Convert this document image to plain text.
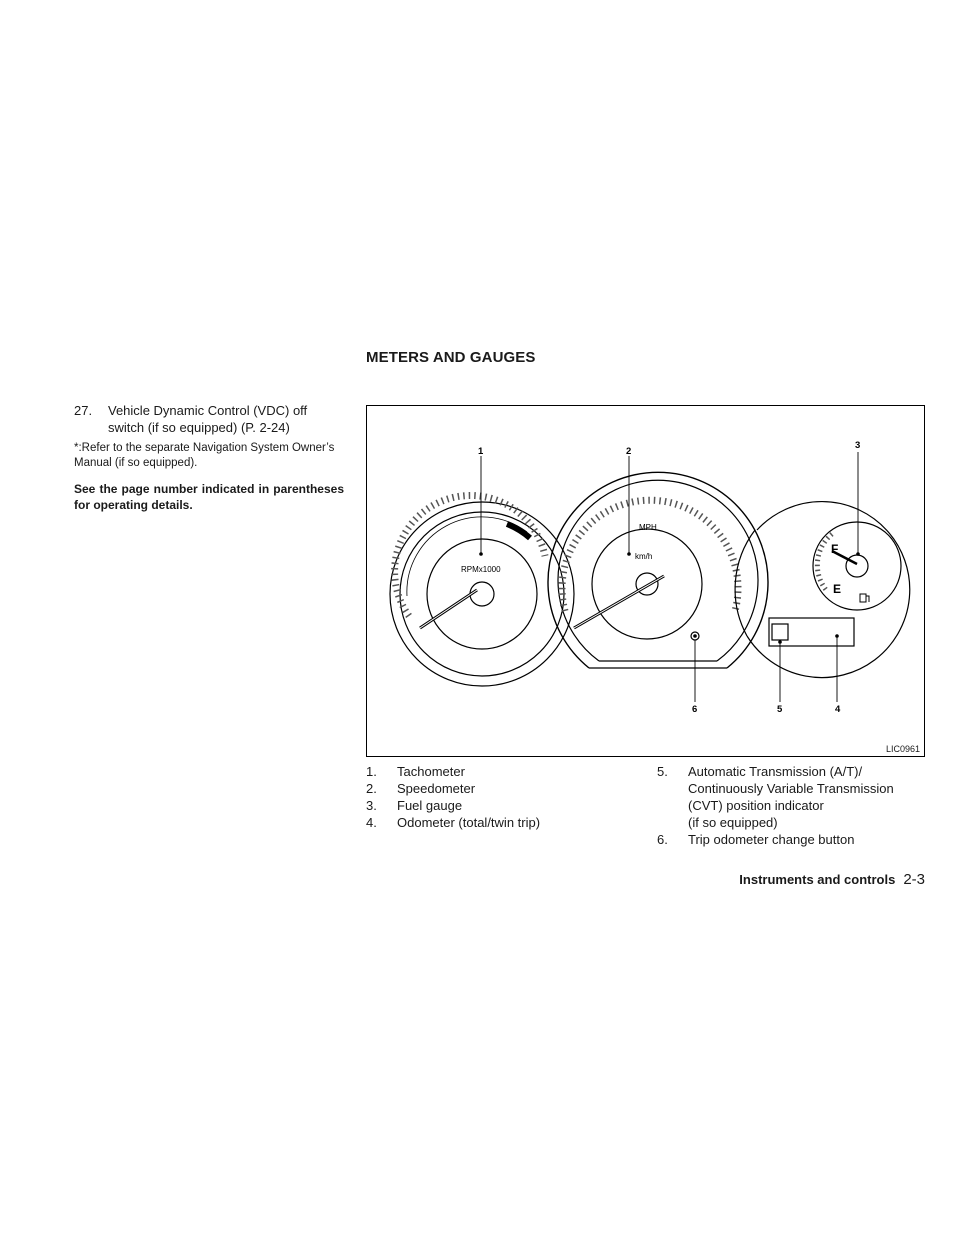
METERS AND GAUGES

27. Vehicle Dynamic Control (VDC) off switch (if so equipped) (P. 2-24)

*:Refer to the separate Navigation System Owner’s Manual (if so equipped).
See the page number indicated in parentheses for operating details.
1	2
3
4
5
6
RPMx1000
MPH
km/h
F
E
LIC0961
1. Tachometer
2. Speedometer
3. Fuel gauge
4. Odometer (total/twin trip)
5. Automatic Transmission (A/T)/
Continuously Variable Transmission
(CVT) position indicator
(if so equipped)
6. Trip odometer change button
Instruments and controls 2-3
